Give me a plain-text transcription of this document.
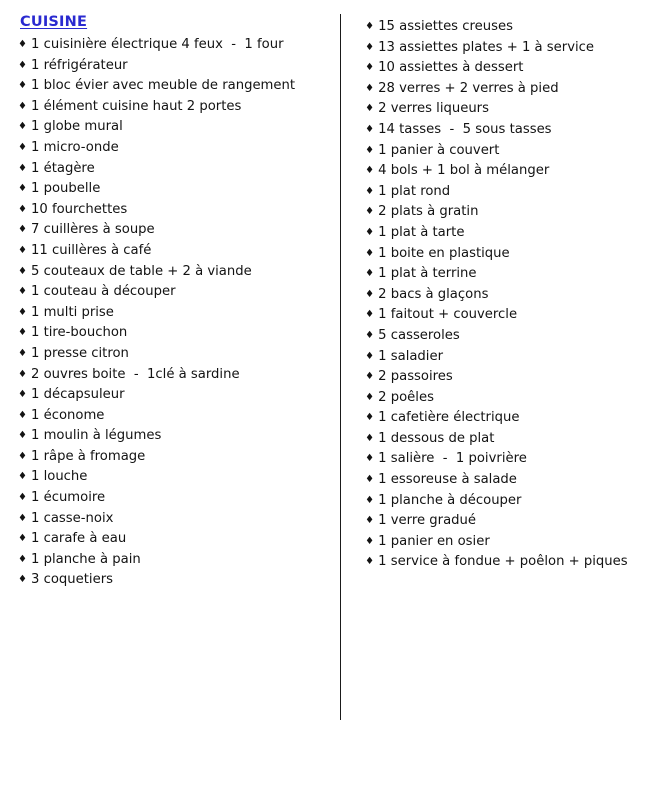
CUISINE
♦ 1 cuisinière électrique 4 feux  -  1 four
♦ 1 réfrigérateur
♦ 1 bloc évier avec meuble de rangement
♦ 1 élément cuisine haut 2 portes
♦ 1 globe mural
♦ 1 micro-onde
♦ 1 étagère
♦ 1 poubelle
♦ 10 fourchettes
♦ 7 cuillères à soupe
♦ 11 cuillères à café
♦ 5 couteaux de table + 2 à viande
♦ 1 couteau à découper
♦ 1 multi prise
♦ 1 tire-bouchon
♦ 1 presse citron
♦ 2 ouvres boite  -  1clé à sardine
♦ 1 décapsuleur
♦ 1 économe
♦ 1 moulin à légumes
♦ 1 râpe à fromage
♦ 1 louche
♦ 1 écumoire
♦ 1 casse-noix
♦ 1 carafe à eau
♦ 1 planche à pain
♦ 3 coquetiers
♦ 15 assiettes creuses
♦ 13 assiettes plates + 1 à service
♦ 10 assiettes à dessert
♦ 28 verres + 2 verres à pied
♦ 2 verres liqueurs
♦ 14 tasses  -  5 sous tasses
♦ 1 panier à couvert
♦ 4 bols + 1 bol à mélanger
♦ 1 plat rond
♦ 2 plats à gratin
♦ 1 plat à tarte
♦ 1 boite en plastique
♦ 1 plat à terrine
♦ 2 bacs à glaçons
♦ 1 faitout + couvercle
♦ 5 casseroles
♦ 1 saladier
♦ 2 passoires
♦ 2 poêles
♦ 1 cafetière électrique
♦ 1 dessous de plat
♦ 1 salière  -  1 poivrière
♦ 1 essoreuse à salade
♦ 1 planche à découper
♦ 1 verre gradué
♦ 1 panier en osier
♦ 1 service à fondue + poêlon + piques
